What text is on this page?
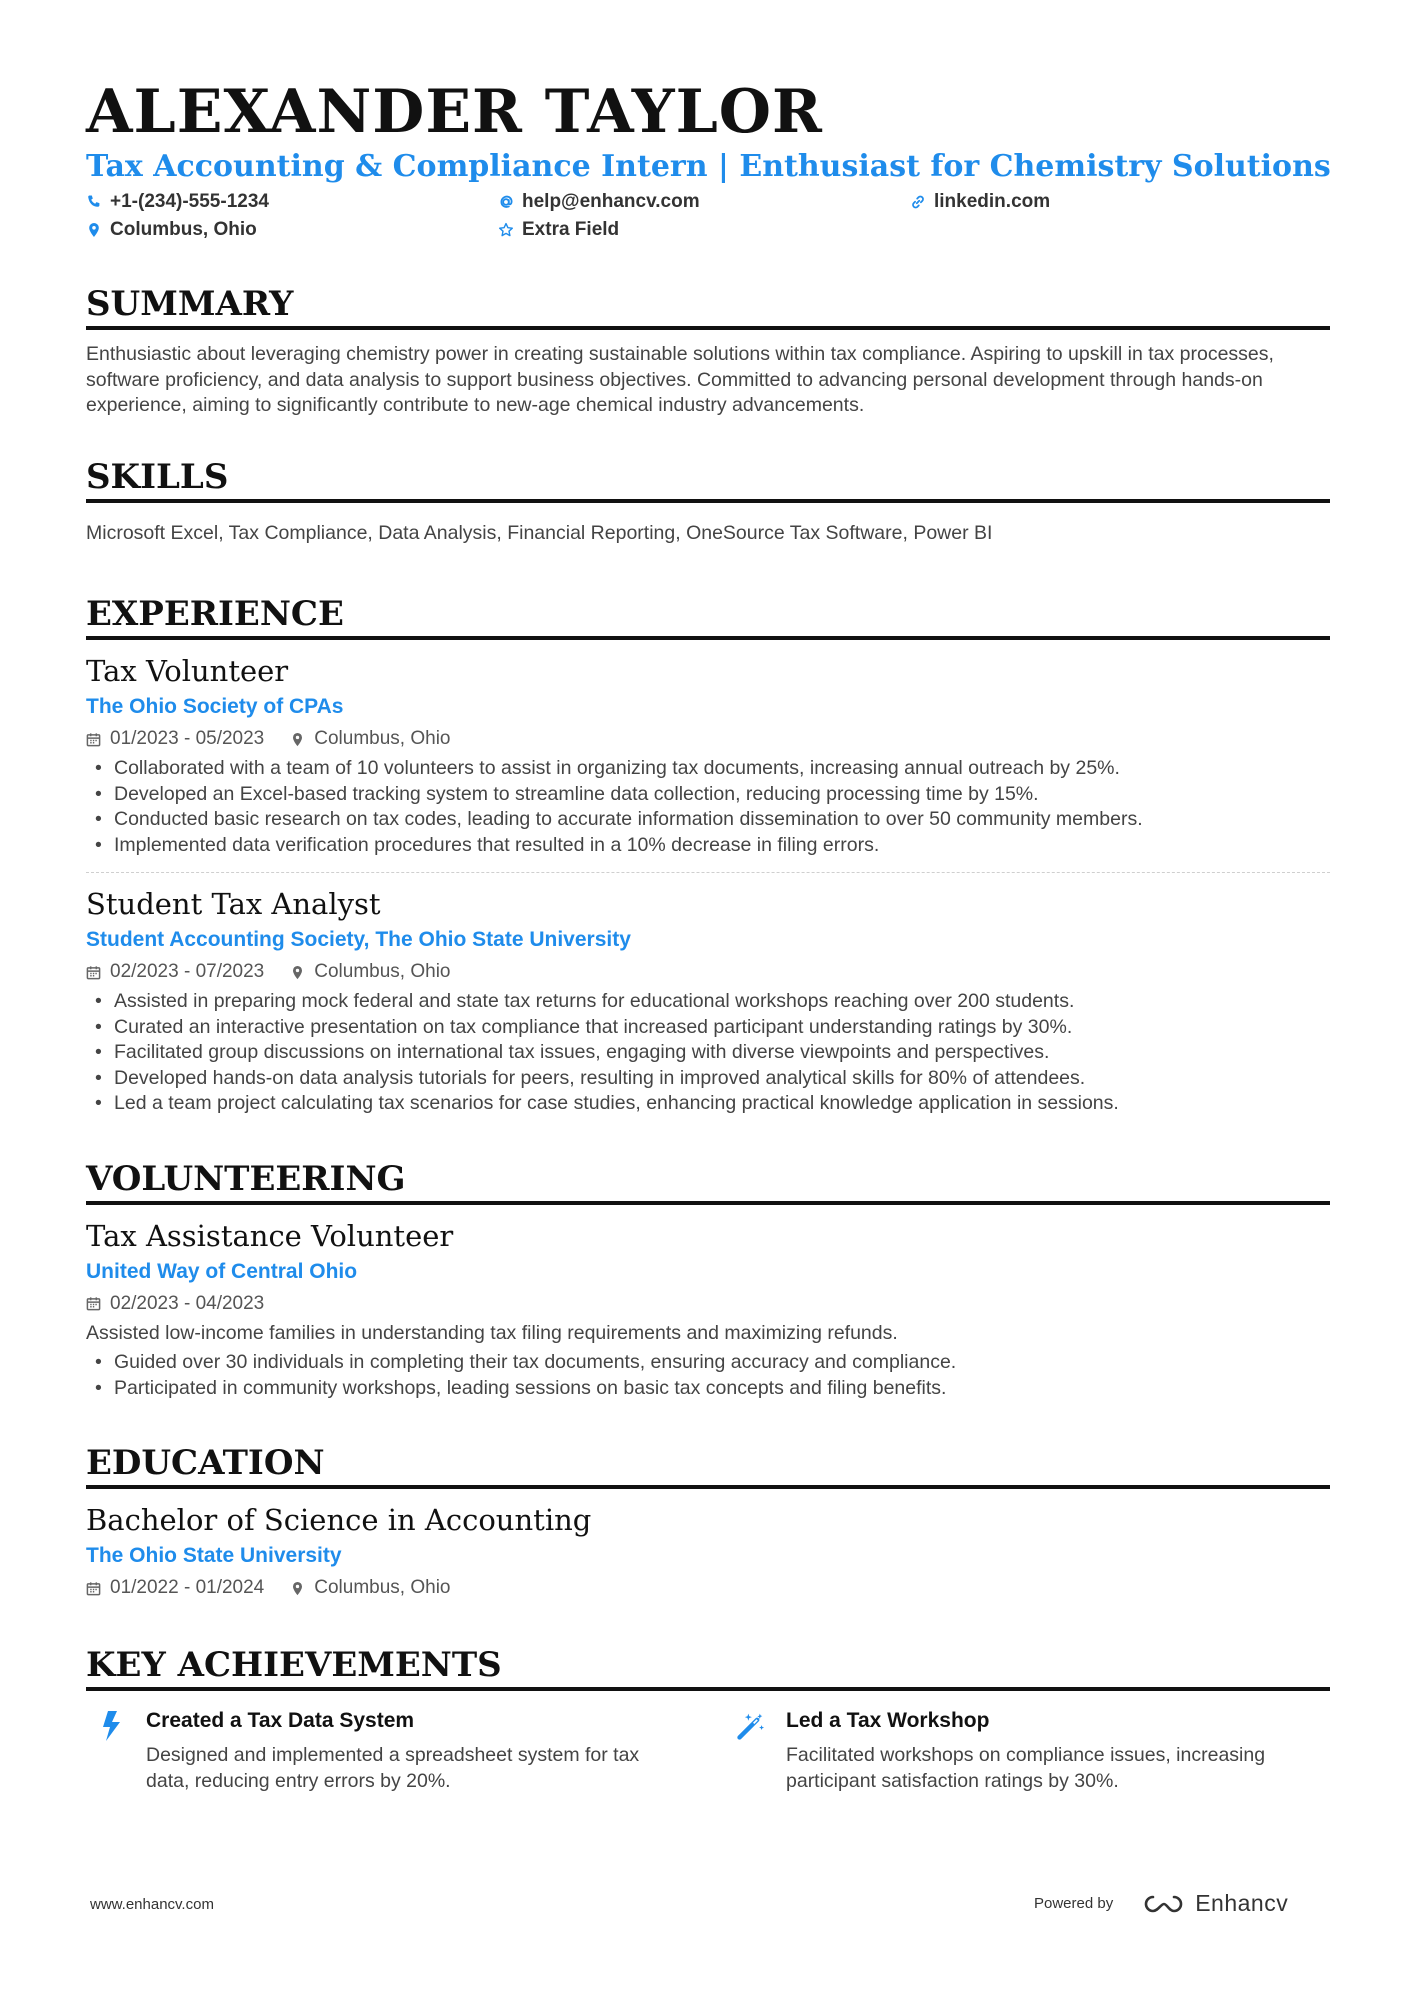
ALEXANDER TAYLOR
Tax Accounting & Compliance Intern | Enthusiast for Chemistry Solutions
+1-(234)-555-1234	help@enhancv.com	linkedin.com
Columbus, Ohio	Extra Field
SUMMARY
Enthusiastic about leveraging chemistry power in creating sustainable solutions within tax compliance. Aspiring to upskill in tax processes, software proficiency, and data analysis to support business objectives. Committed to advancing personal development through hands-on experience, aiming to significantly contribute to new-age chemical industry advancements.
SKILLS
Microsoft Excel, Tax Compliance, Data Analysis, Financial Reporting, OneSource Tax Software, Power BI
EXPERIENCE
Tax Volunteer
The Ohio Society of CPAs
01/2023 - 05/2023	Columbus, Ohio
• Collaborated with a team of 10 volunteers to assist in organizing tax documents, increasing annual outreach by 25%.
• Developed an Excel-based tracking system to streamline data collection, reducing processing time by 15%.
• Conducted basic research on tax codes, leading to accurate information dissemination to over 50 community members.
• Implemented data verification procedures that resulted in a 10% decrease in filing errors.
Student Tax Analyst
Student Accounting Society, The Ohio State University
02/2023 - 07/2023	Columbus, Ohio
• Assisted in preparing mock federal and state tax returns for educational workshops reaching over 200 students.
• Curated an interactive presentation on tax compliance that increased participant understanding ratings by 30%.
• Facilitated group discussions on international tax issues, engaging with diverse viewpoints and perspectives.
• Developed hands-on data analysis tutorials for peers, resulting in improved analytical skills for 80% of attendees.
• Led a team project calculating tax scenarios for case studies, enhancing practical knowledge application in sessions.
VOLUNTEERING
Tax Assistance Volunteer
United Way of Central Ohio
02/2023 - 04/2023
Assisted low-income families in understanding tax filing requirements and maximizing refunds.
• Guided over 30 individuals in completing their tax documents, ensuring accuracy and compliance.
• Participated in community workshops, leading sessions on basic tax concepts and filing benefits.
EDUCATION
Bachelor of Science in Accounting
The Ohio State University
01/2022 - 01/2024	Columbus, Ohio
KEY ACHIEVEMENTS
Created a Tax Data System
Designed and implemented a spreadsheet system for tax data, reducing entry errors by 20%.
Led a Tax Workshop
Facilitated workshops on compliance issues, increasing participant satisfaction ratings by 30%.
www.enhancv.com	Powered by	Enhancv
